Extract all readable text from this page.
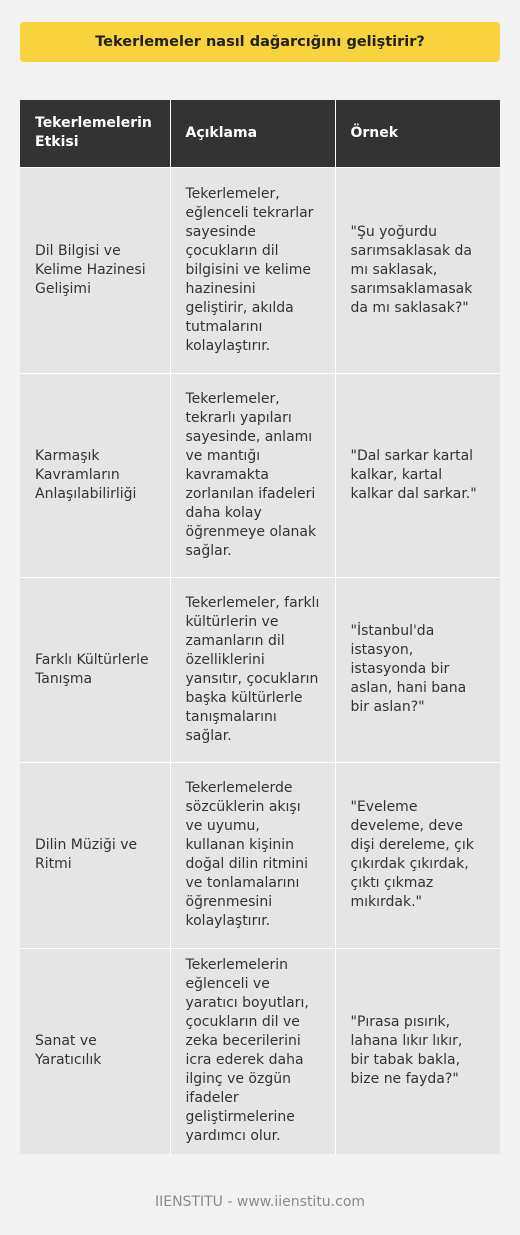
Tekerlemeler nasıl dağarcığını geliştirir?
Tekerlemelerin Etkisi	Açıklama	Örnek
Dil Bilgisi ve Kelime Hazinesi Gelişimi	Tekerlemeler, eğlenceli tekrarlar sayesinde çocukların dil bilgisini ve kelime hazinesini geliştirir, akılda tutmalarını kolaylaştırır.	"Şu yoğurdu sarımsaklasak da mı saklasak, sarımsaklamasak da mı saklasak?"
Karmaşık Kavramların Anlaşılabilirliği	Tekerlemeler, tekrarlı yapıları sayesinde, anlamı ve mantığı kavramakta zorlanılan ifadeleri daha kolay öğrenmeye olanak sağlar.	"Dal sarkar kartal kalkar, kartal kalkar dal sarkar."
Farklı Kültürlerle Tanışma	Tekerlemeler, farklı kültürlerin ve zamanların dil özelliklerini yansıtır, çocukların başka kültürlerle tanışmalarını sağlar.	"İstanbul'da istasyon, istasyonda bir aslan, hani bana bir aslan?"
Dilin Müziği ve Ritmi	Tekerlemelerde sözcüklerin akışı ve uyumu, kullanan kişinin doğal dilin ritmini ve tonlamalarını öğrenmesini kolaylaştırır.	"Eveleme develeme, deve dişi dereleme, çık çıkırdak çıkırdak, çıktı çıkmaz mıkırdak."
Sanat ve Yaratıcılık	Tekerlemelerin eğlenceli ve yaratıcı boyutları, çocukların dil ve zeka becerilerini icra ederek daha ilginç ve özgün ifadeler geliştirmelerine yardımcı olur.	"Pırasa pısırık, lahana lıkır lıkır, bir tabak bakla, bize ne fayda?"
IIENSTITU - www.iienstitu.com
